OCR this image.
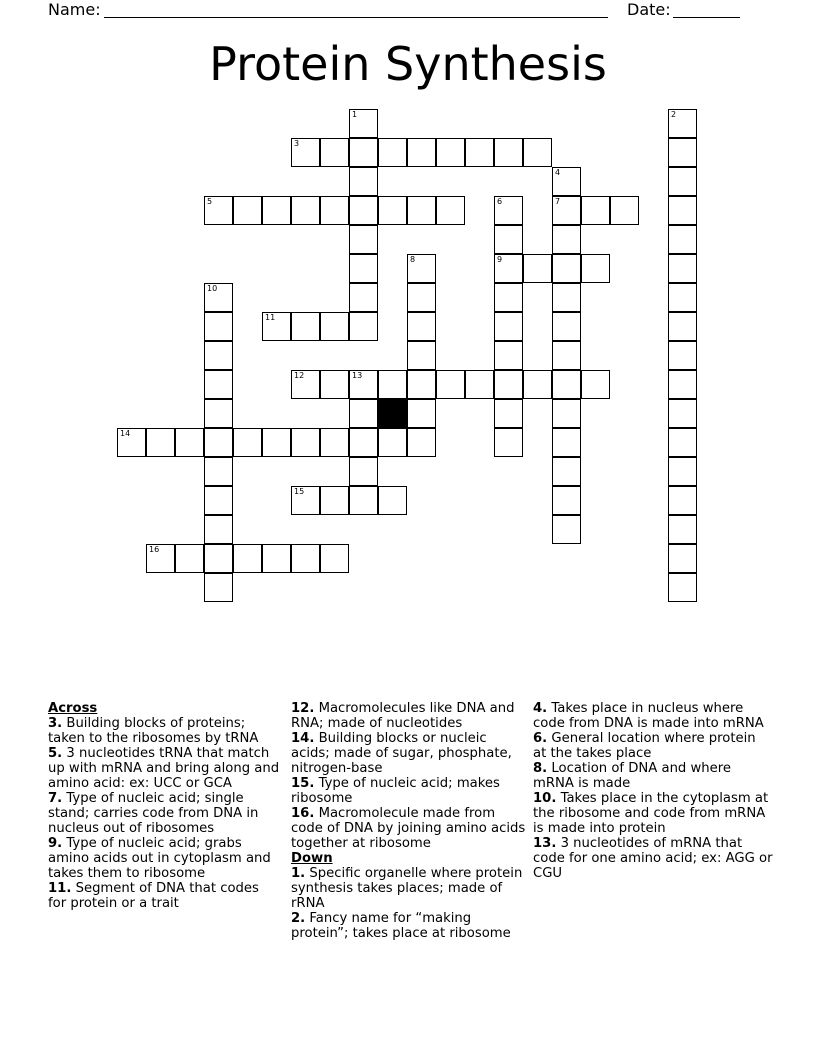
Name:	Date:
Protein Synthesis
1	2
3
4
7
5	6
9
8
10
11
12	13
14
15
16
Across
3. Building blocks of proteins; taken to the ribosomes by tRNA
5. 3 nucleotides tRNA that match up with mRNA and bring along and amino acid: ex: UCC or GCA
7. Type of nucleic acid; single stand; carries code from DNA in nucleus out of ribosomes
9. Type of nucleic acid; grabs amino acids out in cytoplasm and takes them to ribosome
11. Segment of DNA that codes for protein or a trait
12. Macromolecules like DNA and RNA; made of nucleotides
14. Building blocks or nucleic acids; made of sugar, phosphate, nitrogen-base
15. Type of nucleic acid; makes ribosome
16. Macromolecule made from code of DNA by joining amino acids together at ribosome
Down
1. Specific organelle where protein synthesis takes places; made of rRNA
2. Fancy name for “making protein”; takes place at ribosome
4. Takes place in nucleus where code from DNA is made into mRNA
6. General location where protein at the takes place
8. Location of DNA and where mRNA is made
10. Takes place in the cytoplasm at the ribosome and code from mRNA is made into protein
13. 3 nucleotides of mRNA that code for one amino acid; ex: AGG or CGU
